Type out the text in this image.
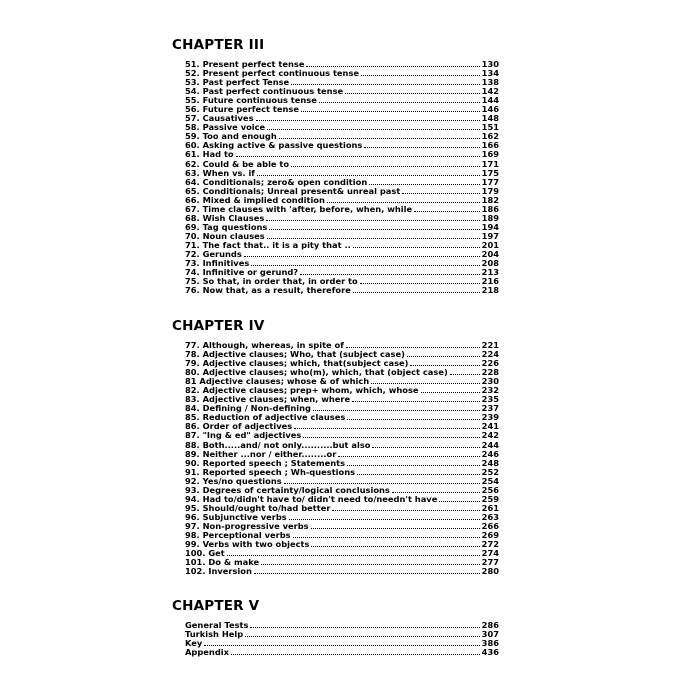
CHAPTER III
51. Present perfect tense	130
52. Present perfect continuous tense	134
53. Past perfect Tense	138
54. Past perfect continuous tense	142
55. Future continuous tense	144
56. Future perfect tense	146
57. Causatives	148
58. Passive voice	151
59. Too and enough	162
60. Asking active & passive questions	166
61. Had to	169
62. Could & be able to	171
63. When vs. if	175
64. Conditionals; zero& open condition	177
65. Conditionals; Unreal present& unreal past	179
66. Mixed & implied condition	182
67. Time clauses with 'after, before, when, while	186
68. Wish Clauses	189
69. Tag questions	194
70. Noun clauses	197
71. The fact that.. it is a pity that ..	201
72. Gerunds	204
73. Infinitives	208
74. Infinitive or gerund?	213
75. So that, in order that, in order to	216
76. Now that, as a result, therefore	218
CHAPTER IV
77. Although, whereas, in spite of	221
78. Adjective clauses; Who, that (subject case)	224
79. Adjective clauses; which, that(subject case)	226
80. Adjective clauses; who(m), which, that (object case)	228
81 Adjective clauses; whose & of which	230
82. Adjective clauses; prep+ whom, which, whose	232
83. Adjective clauses; when, where	235
84. Defining / Non-defining	237
85. Reduction of adjective clauses	239
86. Order of adjectives	241
87. "Ing & ed" adjectives	242
88. Both.....and/ not only..........but also	244
89. Neither ...nor / either........or	246
90. Reported speech ; Statements	248
91. Reported speech ; Wh-questions	252
92. Yes/no questions	254
93. Degrees of certainty/logical conclusions	256
94. Had to/didn't have to/ didn't need to/needn't have	259
95. Should/ought to/had better	261
96. Subjunctive verbs	263
97. Non-progressive verbs	266
98. Perceptional verbs	269
99. Verbs with two objects	272
100. Get	274
101. Do & make	277
102. Inversion	280
CHAPTER V
General Tests	286
Turkish Help	307
Key	386
Appendix	436
